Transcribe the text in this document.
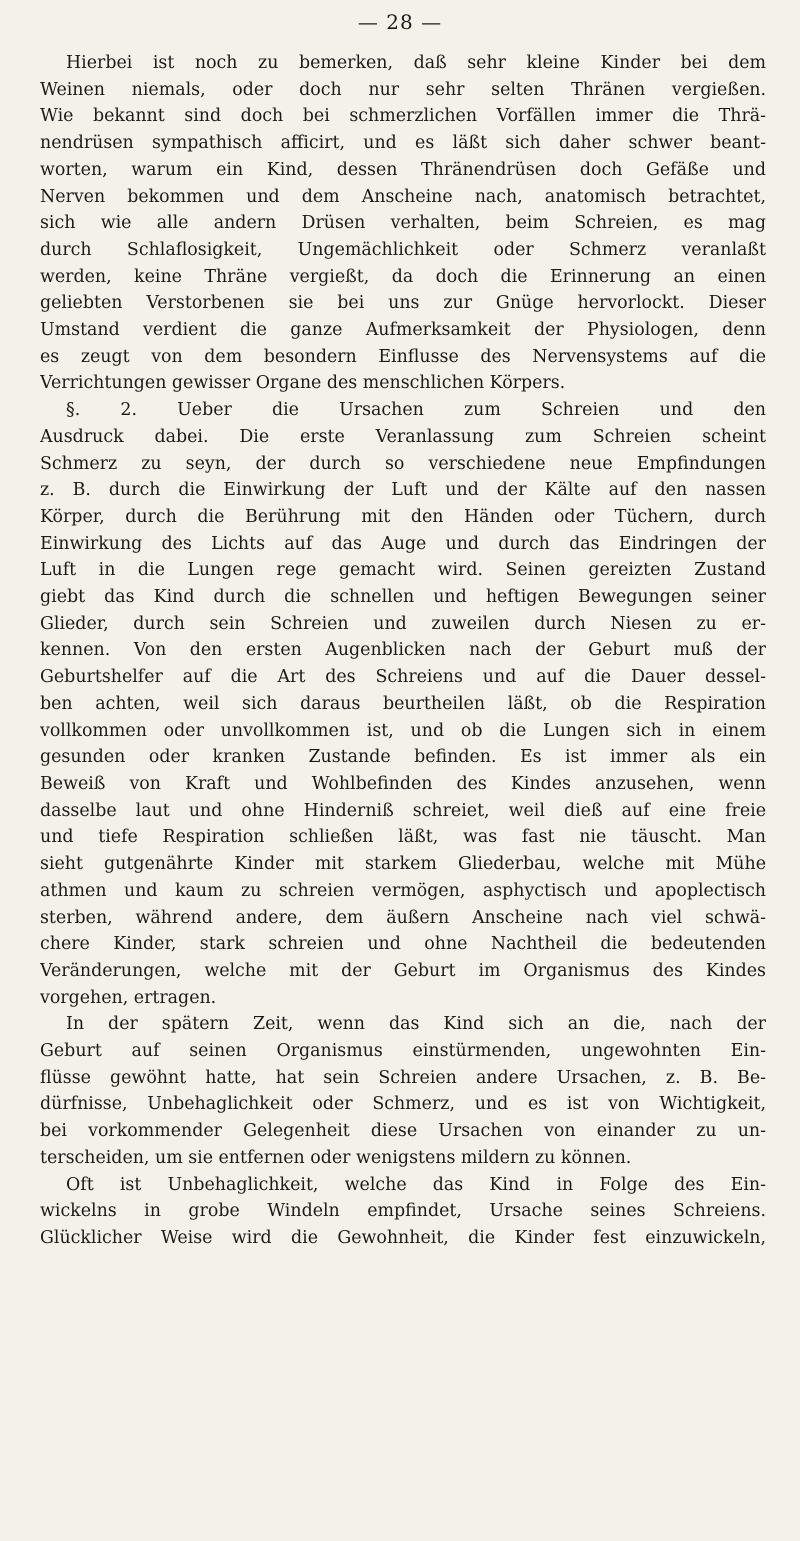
— 28 —
Hierbei ist noch zu bemerken, daß sehr kleine Kinder bei dem
Weinen niemals, oder doch nur sehr selten Thränen vergießen.
Wie bekannt sind doch bei schmerzlichen Vorfällen immer die Thrä-
nendrüsen sympathisch afficirt, und es läßt sich daher schwer beant-
worten, warum ein Kind, dessen Thränendrüsen doch Gefäße und
Nerven bekommen und dem Anscheine nach, anatomisch betrachtet,
sich wie alle andern Drüsen verhalten, beim Schreien, es mag
durch Schlaflosigkeit, Ungemächlichkeit oder Schmerz veranlaßt
werden, keine Thräne vergießt, da doch die Erinnerung an einen
geliebten Verstorbenen sie bei uns zur Gnüge hervorlockt. Dieser
Umstand verdient die ganze Aufmerksamkeit der Physiologen, denn
es zeugt von dem besondern Einflusse des Nervensystems auf die
Verrichtungen gewisser Organe des menschlichen Körpers.
§. 2. Ueber die Ursachen zum Schreien und den
Ausdruck dabei. Die erste Veranlassung zum Schreien scheint
Schmerz zu seyn, der durch so verschiedene neue Empfindungen
z. B. durch die Einwirkung der Luft und der Kälte auf den nassen
Körper, durch die Berührung mit den Händen oder Tüchern, durch
Einwirkung des Lichts auf das Auge und durch das Eindringen der
Luft in die Lungen rege gemacht wird. Seinen gereizten Zustand
giebt das Kind durch die schnellen und heftigen Bewegungen seiner
Glieder, durch sein Schreien und zuweilen durch Niesen zu er-
kennen. Von den ersten Augenblicken nach der Geburt muß der
Geburtshelfer auf die Art des Schreiens und auf die Dauer dessel-
ben achten, weil sich daraus beurtheilen läßt, ob die Respiration
vollkommen oder unvollkommen ist, und ob die Lungen sich in einem
gesunden oder kranken Zustande befinden. Es ist immer als ein
Beweiß von Kraft und Wohlbefinden des Kindes anzusehen, wenn
dasselbe laut und ohne Hinderniß schreiet, weil dieß auf eine freie
und tiefe Respiration schließen läßt, was fast nie täuscht. Man
sieht gutgenährte Kinder mit starkem Gliederbau, welche mit Mühe
athmen und kaum zu schreien vermögen, asphyctisch und apoplectisch
sterben, während andere, dem äußern Anscheine nach viel schwä-
chere Kinder, stark schreien und ohne Nachtheil die bedeutenden
Veränderungen, welche mit der Geburt im Organismus des Kindes
vorgehen, ertragen.
In der spätern Zeit, wenn das Kind sich an die, nach der
Geburt auf seinen Organismus einstürmenden, ungewohnten Ein-
flüsse gewöhnt hatte, hat sein Schreien andere Ursachen, z. B. Be-
dürfnisse, Unbehaglichkeit oder Schmerz, und es ist von Wichtigkeit,
bei vorkommender Gelegenheit diese Ursachen von einander zu un-
terscheiden, um sie entfernen oder wenigstens mildern zu können.
Oft ist Unbehaglichkeit, welche das Kind in Folge des Ein-
wickelns in grobe Windeln empfindet, Ursache seines Schreiens.
Glücklicher Weise wird die Gewohnheit, die Kinder fest einzuwickeln,
